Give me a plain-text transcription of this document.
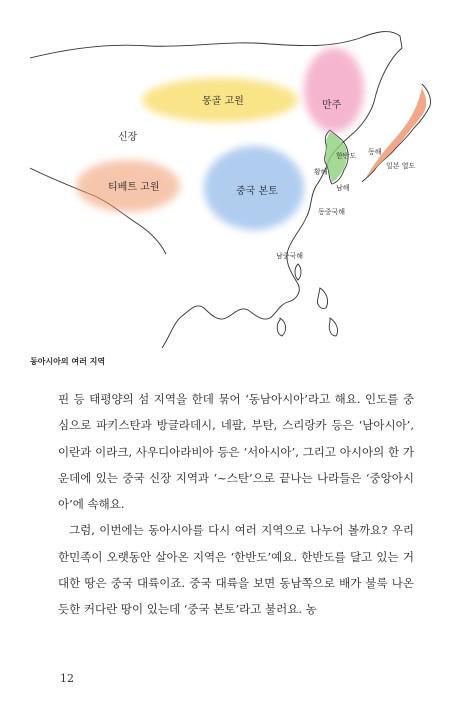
몽골 고원	만주
신장
티베트 고원	중국 본토
한반도
일본 열도
동해
황해
남해
동중국해
남중국해
동아시아의 여러 지역

핀 등 태평양의 섬 지역을 한데 묶어 ‘동남아시아’라고 해요. 인도를 중심으로 파키스탄과 방글라데시, 네팔, 부탄, 스리랑카 등은 ‘남아시아’, 이란과 이라크, 사우디아라비아 등은 ‘서아시아’, 그리고 아시아의 한 가운데에 있는 중국 신장 지역과 ‘~스탄’으로 끝나는 나라들은 ‘중앙아시아’에 속해요.

그럼, 이번에는 동아시아를 다시 여러 지역으로 나누어 볼까요? 우리 한민족이 오랫동안 살아온 지역은 ‘한반도’예요. 한반도를 달고 있는 거대한 땅은 중국 대륙이죠. 중국 대륙을 보면 동남쪽으로 배가 불룩 나온 듯한 커다란 땅이 있는데 ‘중국 본토’라고 불러요. 농

12
